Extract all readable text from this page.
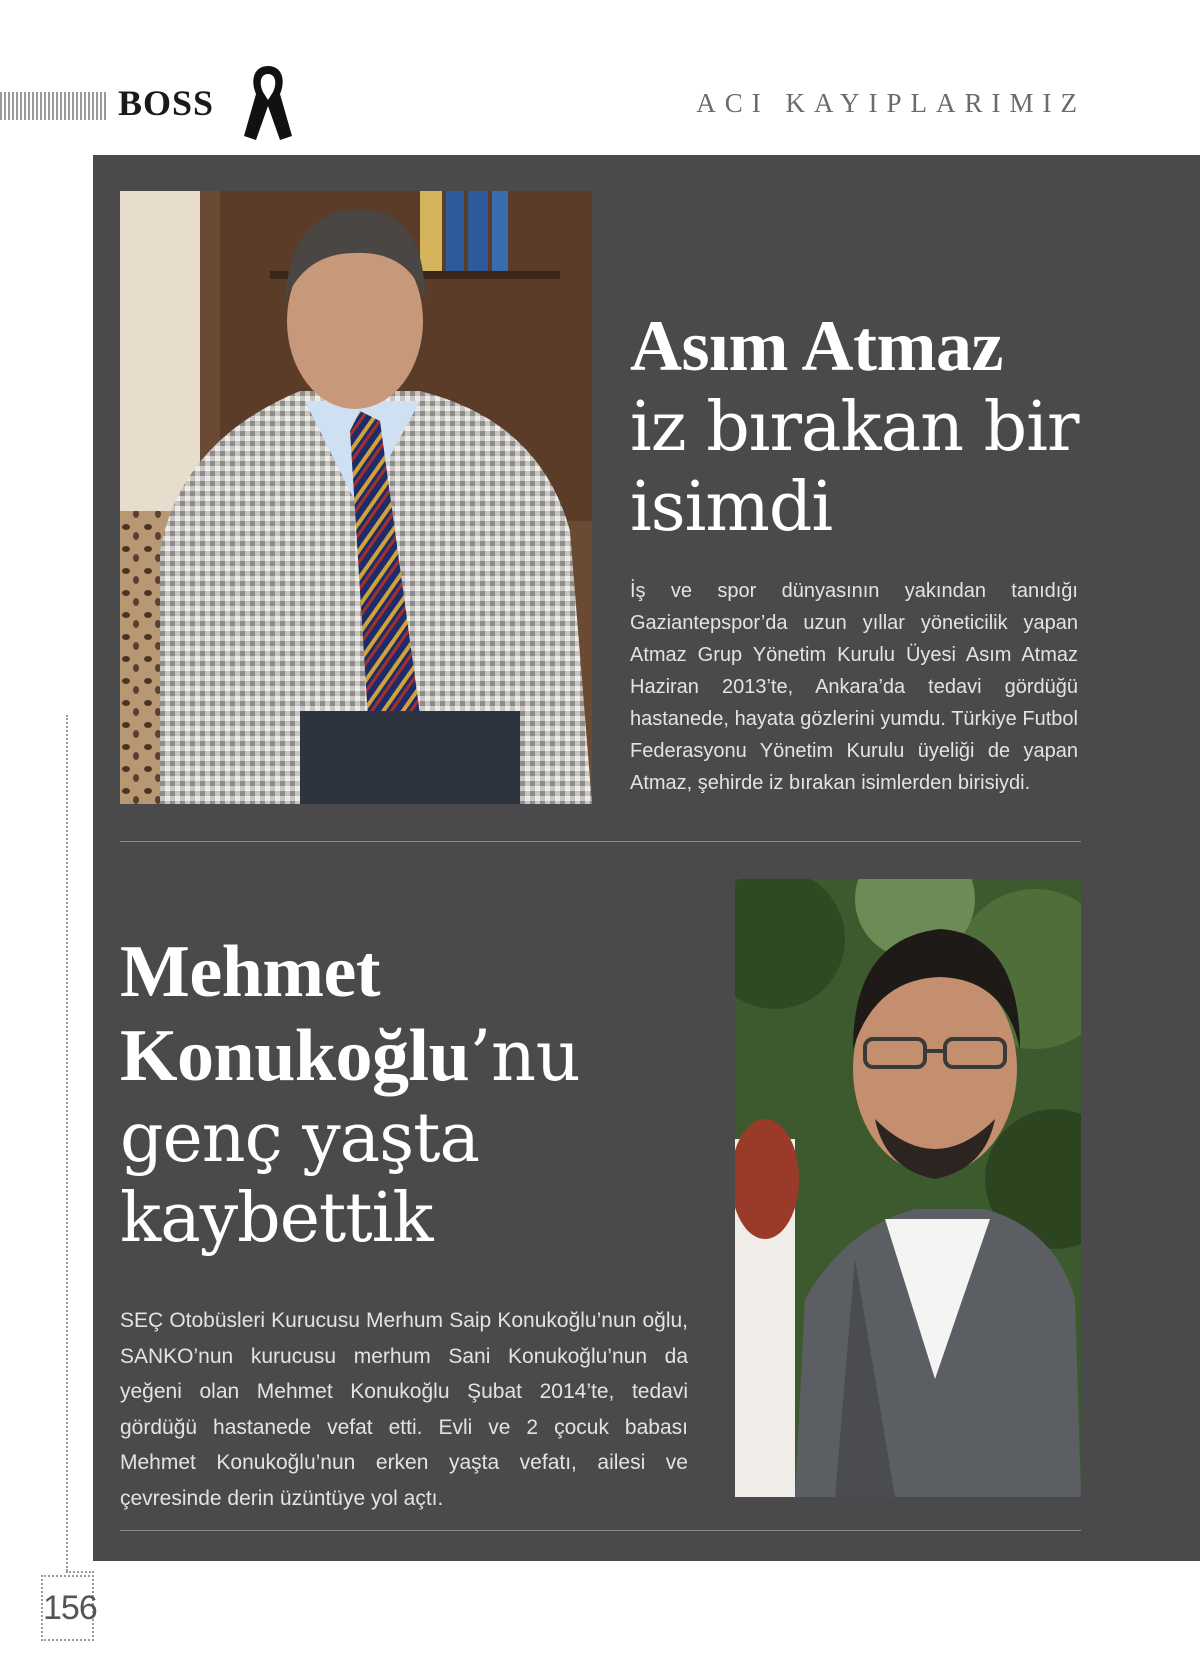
BOSS	ACI KAYIPLARIMIZ
Asım Atmaz
iz bırakan bir
isimdi

İş ve spor dünyasının yakından tanıdığı Gaziantepspor’da uzun yıllar yöneticilik yapan Atmaz Grup Yönetim Kurulu Üyesi Asım Atmaz Haziran 2013’te, Ankara’da tedavi gördüğü hastanede, hayata gözlerini yumdu. Türkiye Futbol Federasyonu Yönetim Kurulu üyeliği de yapan Atmaz, şehirde iz bırakan isimlerden birisiydi.

Mehmet
Konukoğlu’nu
genç yaşta
kaybettik

SEÇ Otobüsleri Kurucusu Merhum Saip Konukoğlu’nun oğlu, SANKO’nun kurucusu merhum Sani Konukoğlu’nun da yeğeni olan Mehmet Konukoğlu Şubat 2014’te, tedavi gördüğü hastanede vefat etti. Evli ve 2 çocuk babası Mehmet Konukoğlu’nun erken yaşta vefatı, ailesi ve çevresinde derin üzüntüye yol açtı.

156
